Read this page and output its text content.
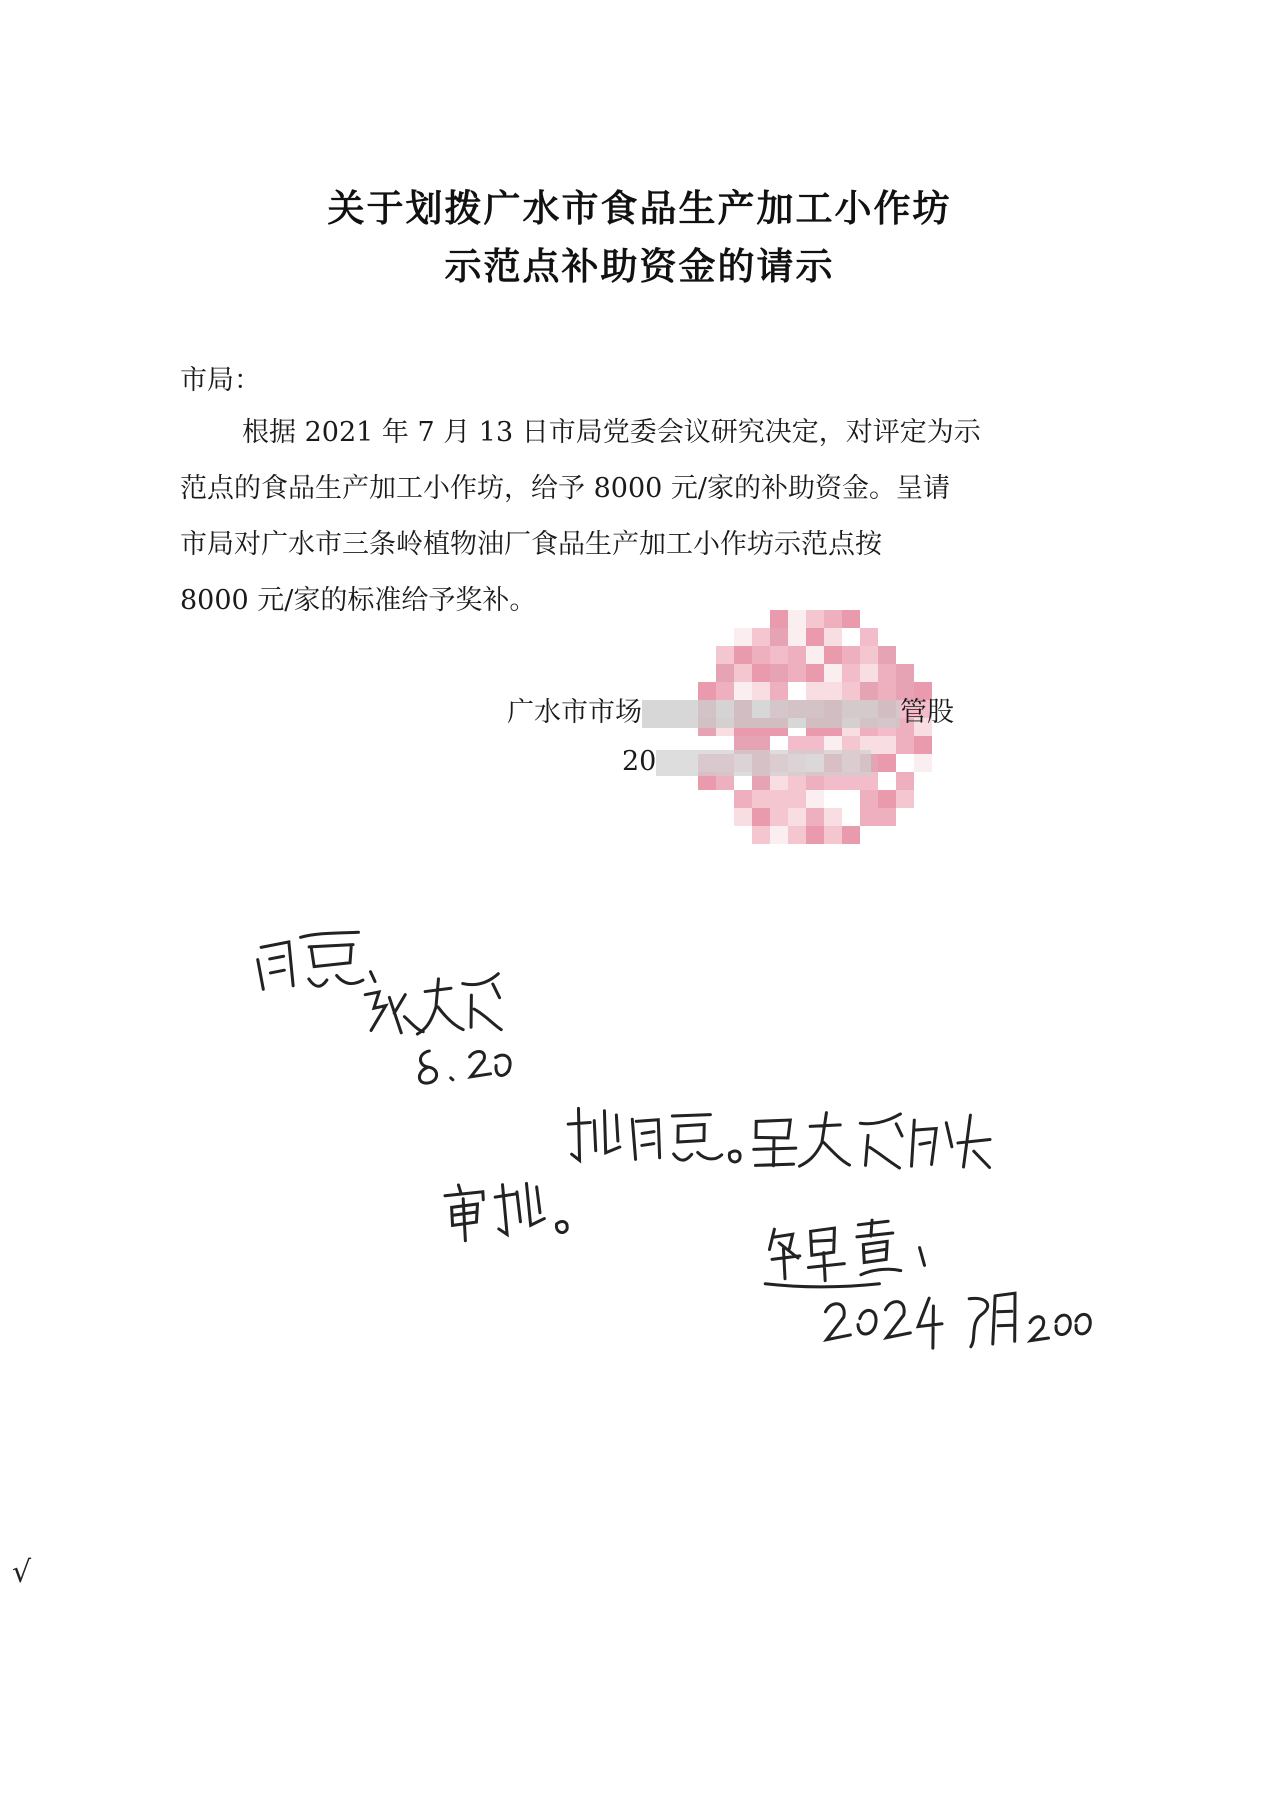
关于划拨广水市食品生产加工小作坊
示范点补助资金的请示
市局：
根据 2021 年 7 月 13 日市局党委会议研究决定，对评定为示
范点的食品生产加工小作坊，给予 8000 元/家的补助资金。呈请
市局对广水市三条岭植物油厂食品生产加工小作坊示范点按
8000 元/家的标准给予奖补。
广水市市场	管股
20
√
